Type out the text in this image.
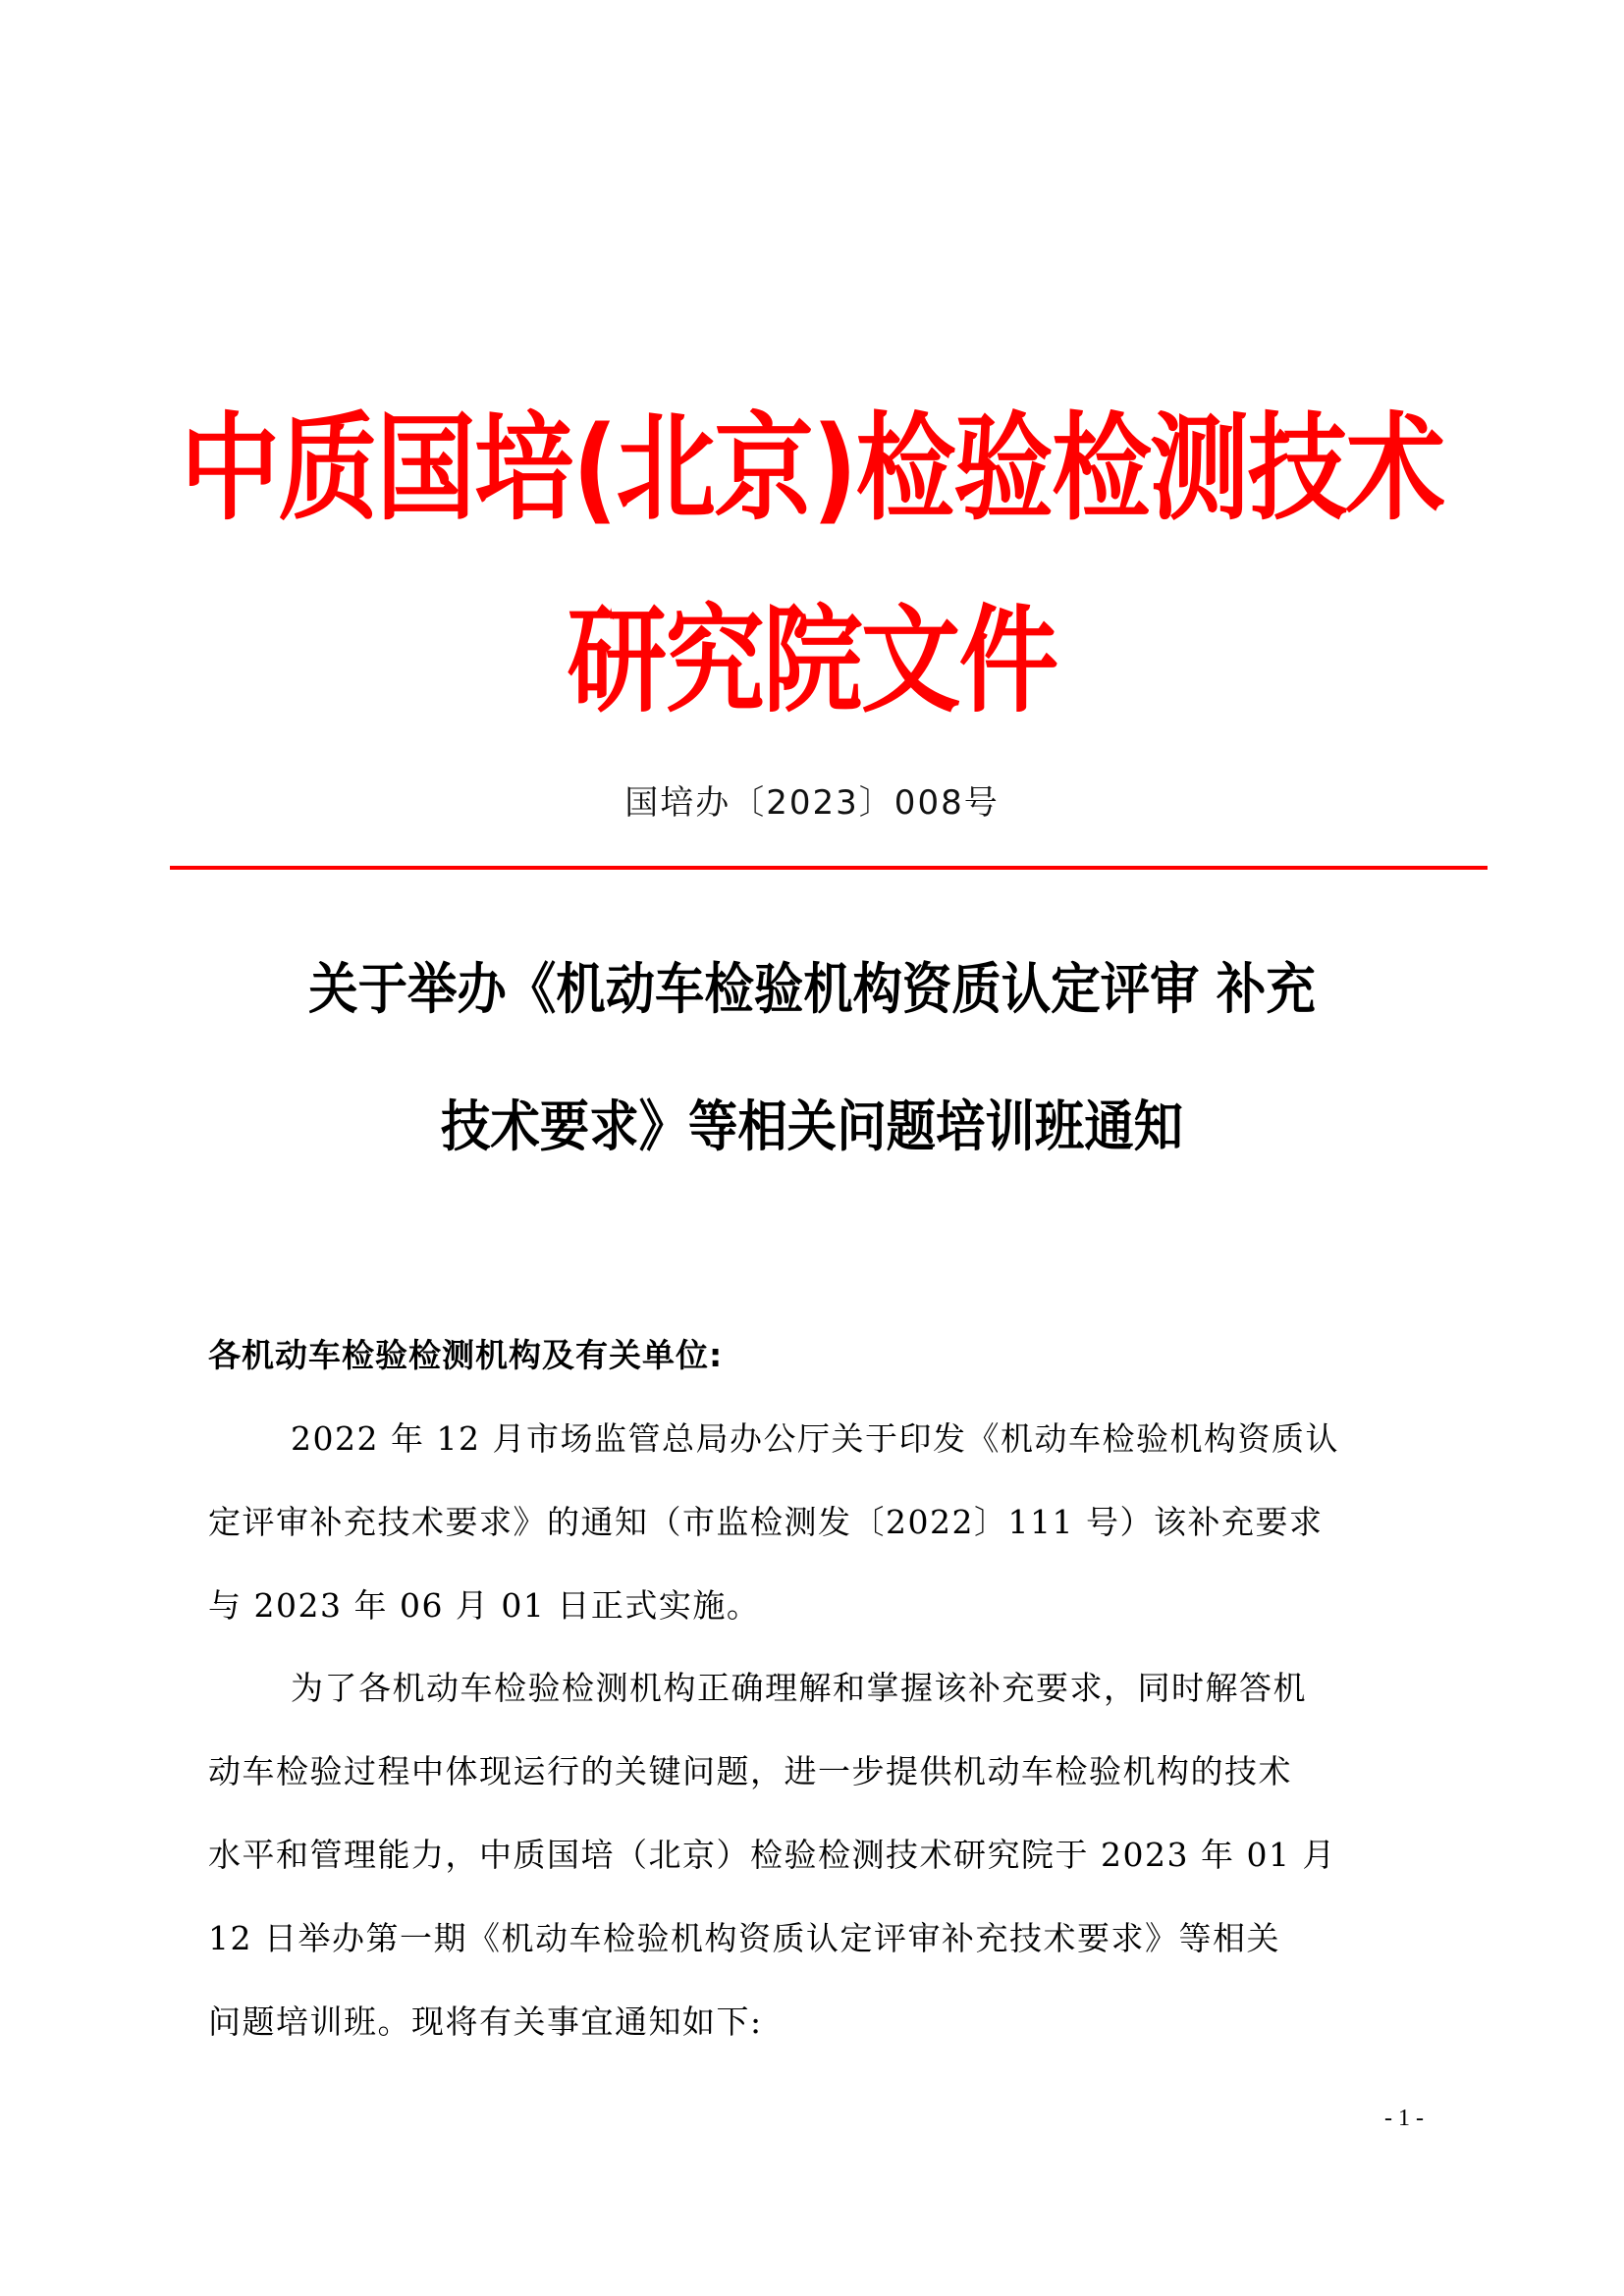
中质国培(北京)检验检测技术
研究院文件
国培办〔2023〕008号
关于举办《机动车检验机构资质认定评审 补充
技术要求》等相关问题培训班通知
各机动车检验检测机构及有关单位:
2022 年 12 月市场监管总局办公厅关于印发《机动车检验机构资质认
定评审补充技术要求》的通知（市监检测发〔2022〕111 号）该补充要求
与 2023 年 06 月 01 日正式实施。
为了各机动车检验检测机构正确理解和掌握该补充要求，同时解答机
动车检验过程中体现运行的关键问题，进一步提供机动车检验机构的技术
水平和管理能力，中质国培（北京）检验检测技术研究院于 2023 年 01 月
12 日举办第一期《机动车检验机构资质认定评审补充技术要求》等相关
问题培训班。现将有关事宜通知如下:
- 1 -
